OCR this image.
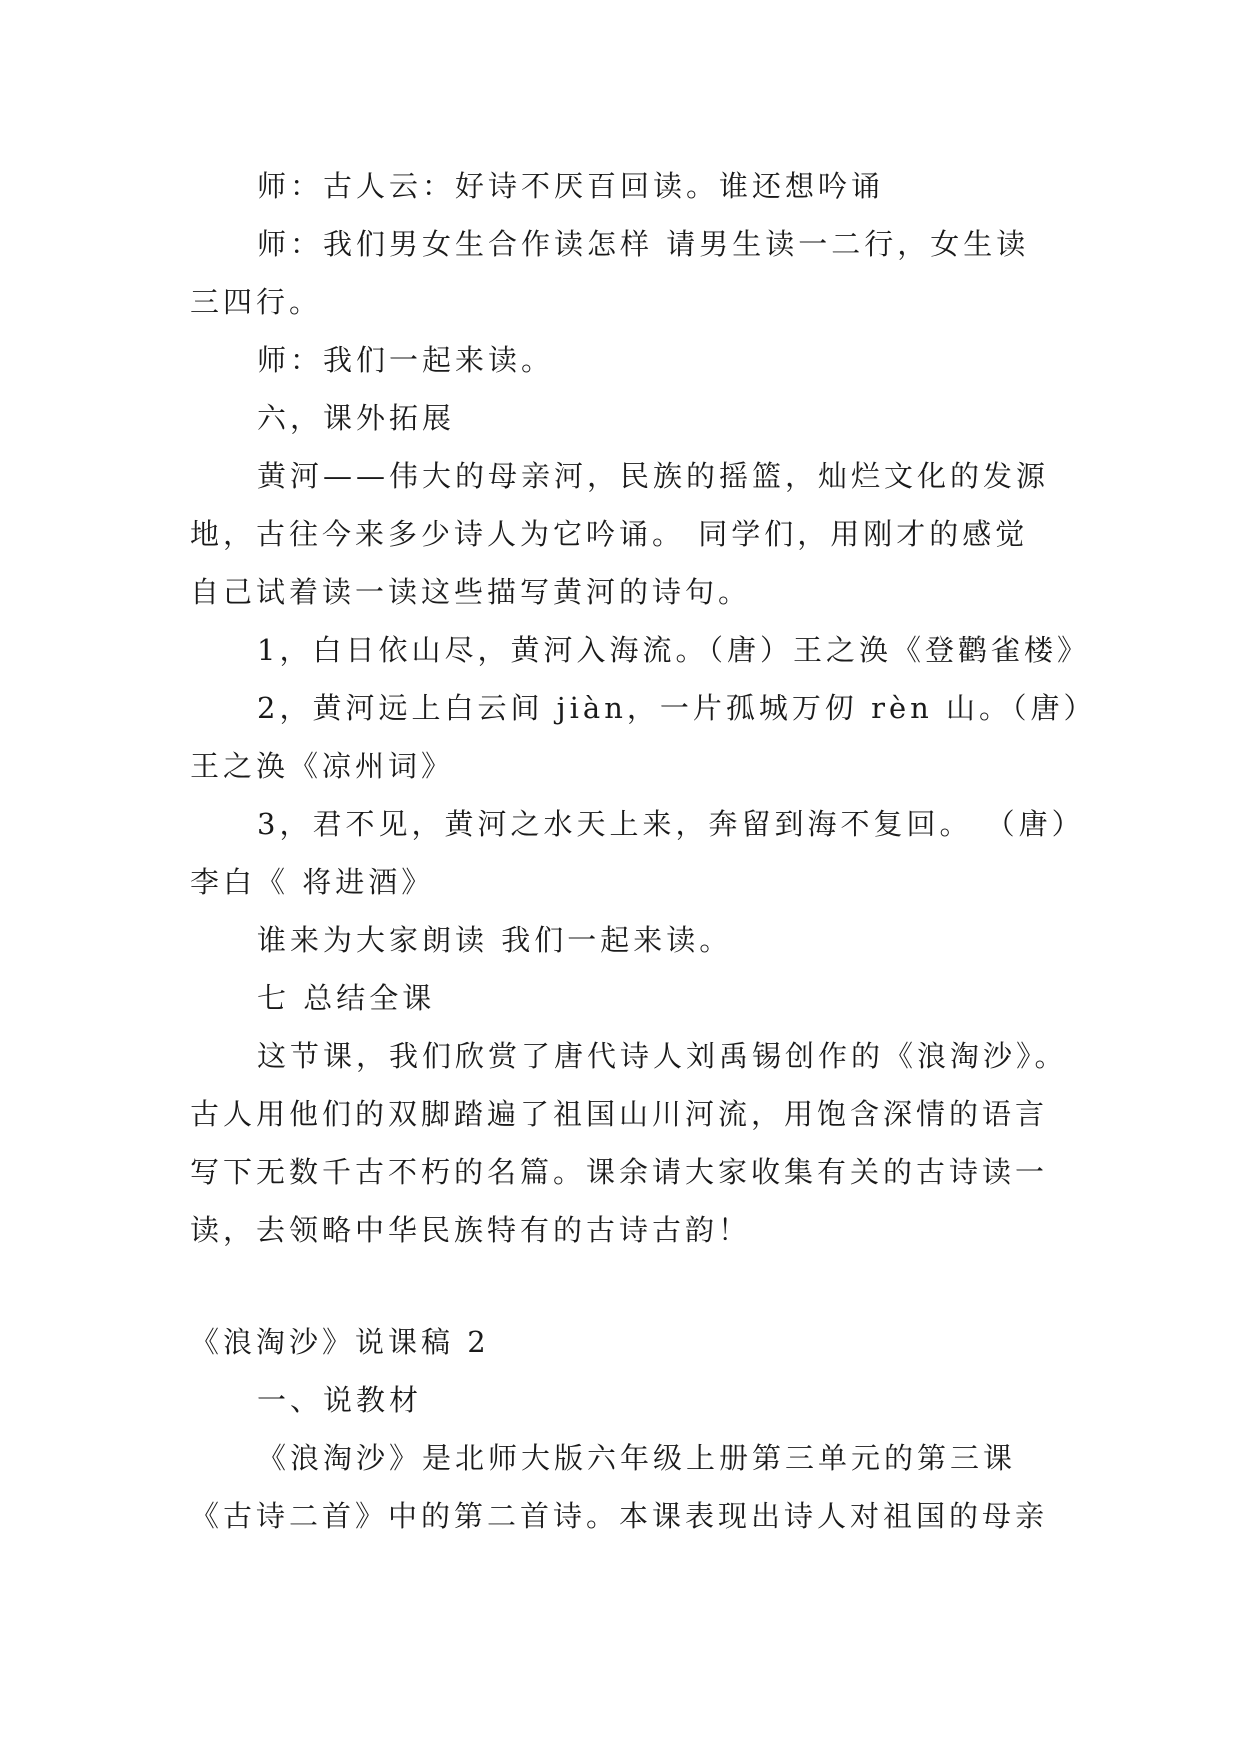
师：古人云：好诗不厌百回读。谁还想吟诵

师：我们男女生合作读怎样 请男生读一二行，女生读

三四行。

师：我们一起来读。

六，课外拓展

黄河——伟大的母亲河，民族的摇篮，灿烂文化的发源

地，古往今来多少诗人为它吟诵。 同学们，用刚才的感觉

自己试着读一读这些描写黄河的诗句。

1，白日依山尽，黄河入海流。（唐）王之涣《登鹳雀楼》

2，黄河远上白云间 jiàn，一片孤城万仞 rèn 山。（唐）

王之涣《凉州词》

3，君不见，黄河之水天上来，奔留到海不复回。 （唐）

李白《 将进酒》

谁来为大家朗读 我们一起来读。

七 总结全课

这节课，我们欣赏了唐代诗人刘禹锡创作的《浪淘沙》。

古人用他们的双脚踏遍了祖国山川河流，用饱含深情的语言

写下无数千古不朽的名篇。课余请大家收集有关的古诗读一

读，去领略中华民族特有的古诗古韵！

《浪淘沙》说课稿 2

一、说教材

《浪淘沙》是北师大版六年级上册第三单元的第三课

《古诗二首》中的第二首诗。本课表现出诗人对祖国的母亲
